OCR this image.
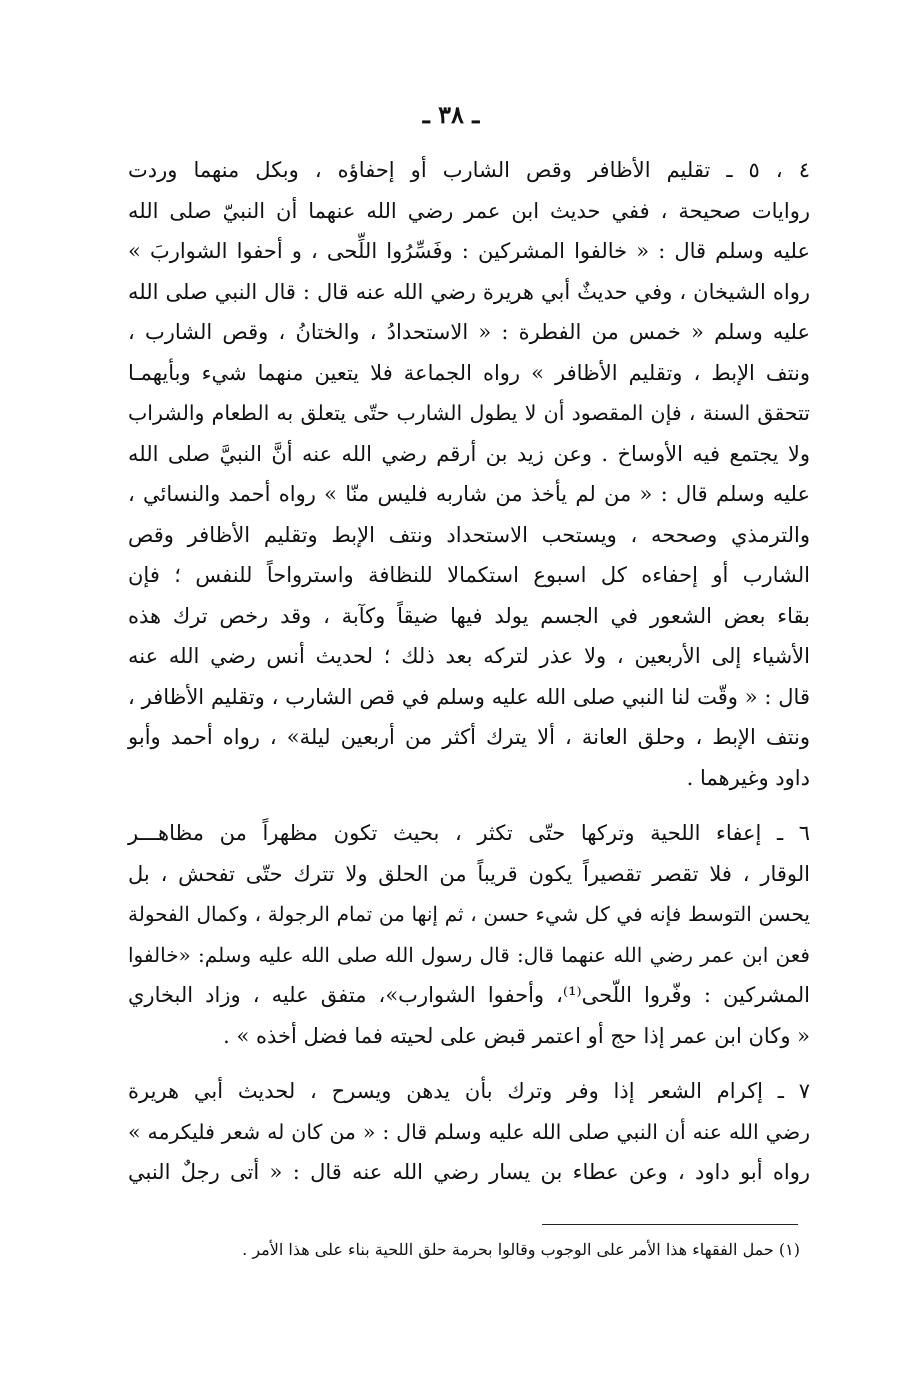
ـ ٣٨ ـ

٤ ، ٥ ـ تقليم الأظافر وقص الشارب أو إحفاؤه ، وبكل منهما وردت
روايات صحيحة ، ففي حديث ابن عمر رضي الله عنهما أن النبيّ صلى الله
عليه وسلم قال : « خالفوا المشركين : وفَسِّرُوا اللِّحى ، و أحفوا الشواربَ »
رواه الشيخان ، وفي حديثٌ أبي هريرة رضي الله عنه قال : قال النبي صلى الله
عليه وسلم « خمس من الفطرة : « الاستحدادُ ، والختانُ ، وقص الشارب ،
ونتف الإبط ، وتقليم الأظافر » رواه الجماعة فلا يتعين منهما شيء وبأيهمـا
تتحقق السنة ، فإن المقصود أن لا يطول الشارب حتّى يتعلق به الطعام والشراب
ولا يجتمع فيه الأوساخ . وعن زيد بن أرقم رضي الله عنه أنَّ النبيَّ صلى الله
عليه وسلم قال : « من لم يأخذ من شاربه فليس منّا » رواه أحمد والنسائي ،
والترمذي وصححه ، ويستحب الاستحداد ونتف الإبط وتقليم الأظافر وقص
الشارب أو إحفاءه كل اسبوع استكمالا للنظافة واسترواحاً للنفس ؛ فإن
بقاء بعض الشعور في الجسم يولد فيها ضيقاً وكآبة ، وقد رخص ترك هذه
الأشياء إلى الأربعين ، ولا عذر لتركه بعد ذلك ؛ لحديث أنس رضي الله عنه
قال : « وقّت لنا النبي صلى الله عليه وسلم في قص الشارب ، وتقليم الأظافر ،
ونتف الإبط ، وحلق العانة ، ألا يترك أكثر من أربعين ليلة» ، رواه أحمد وأبو
داود وغيرهما .

٦ ـ إعفاء اللحية وتركها حتّى تكثر ، بحيث تكون مظهراً من مظاهـــر
الوقار ، فلا تقصر تقصيراً يكون قريباً من الحلق ولا تترك حتّى تفحش ، بل
يحسن التوسط فإنه في كل شيء حسن ، ثم إنها من تمام الرجولة ، وكمال الفحولة
فعن ابن عمر رضي الله عنهما قال: قال رسول الله صلى الله عليه وسلم: «خالفوا
المشركين : وفّروا اللّحى⁽¹⁾، وأحفوا الشوارب»، متفق عليه ، وزاد البخاري
« وكان ابن عمر إذا حج أو اعتمر قبض على لحيته فما فضل أخذه » .

٧ ـ إكرام الشعر إذا وفر وترك بأن يدهن ويسرح ، لحديث أبي هريرة
رضي الله عنه أن النبي صلى الله عليه وسلم قال : « من كان له شعر فليكرمه »
رواه أبو داود ، وعن عطاء بن يسار رضي الله عنه قال : « أتى رجلٌ النبي

(١) حمل الفقهاء هذا الأمر على الوجوب وقالوا بحرمة حلق اللحية بناء على هذا الأمر .
